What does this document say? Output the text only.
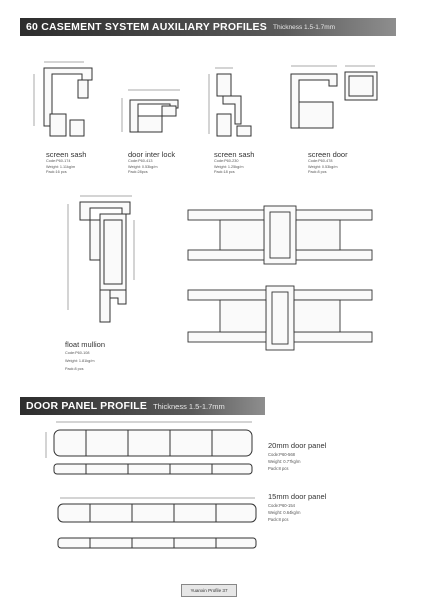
60 CASEMENT SYSTEM AUXILIARY PROFILES Thickness 1.5-1.7mm
DOOR PANEL PROFILE Thickness 1.5-1.7mm
screen sash
Code:P60-174
Weight: 1.11kg/m
Pack:16 pcs
door inter lock
Code:P60-413
Weight: 0.53kg/m
Pack:28pcs
screen sash
Code:P60-230
Weight: 1.25kg/m
Pack:18 pcs
screen door
Code:P60-478
Weight: 0.53kg/m
Pack:8 pcs
float mullion
Code:P60-108
Weight: 1.81kg/m
Pack:8 pcs
20mm door panel
Code:P60-568
Weight: 0.77kg/m
Pack:8 pcs
15mm door panel
Code:P60-154
Weight: 0.64kg/m
Pack:8 pcs
Yuanxin Profile 37
